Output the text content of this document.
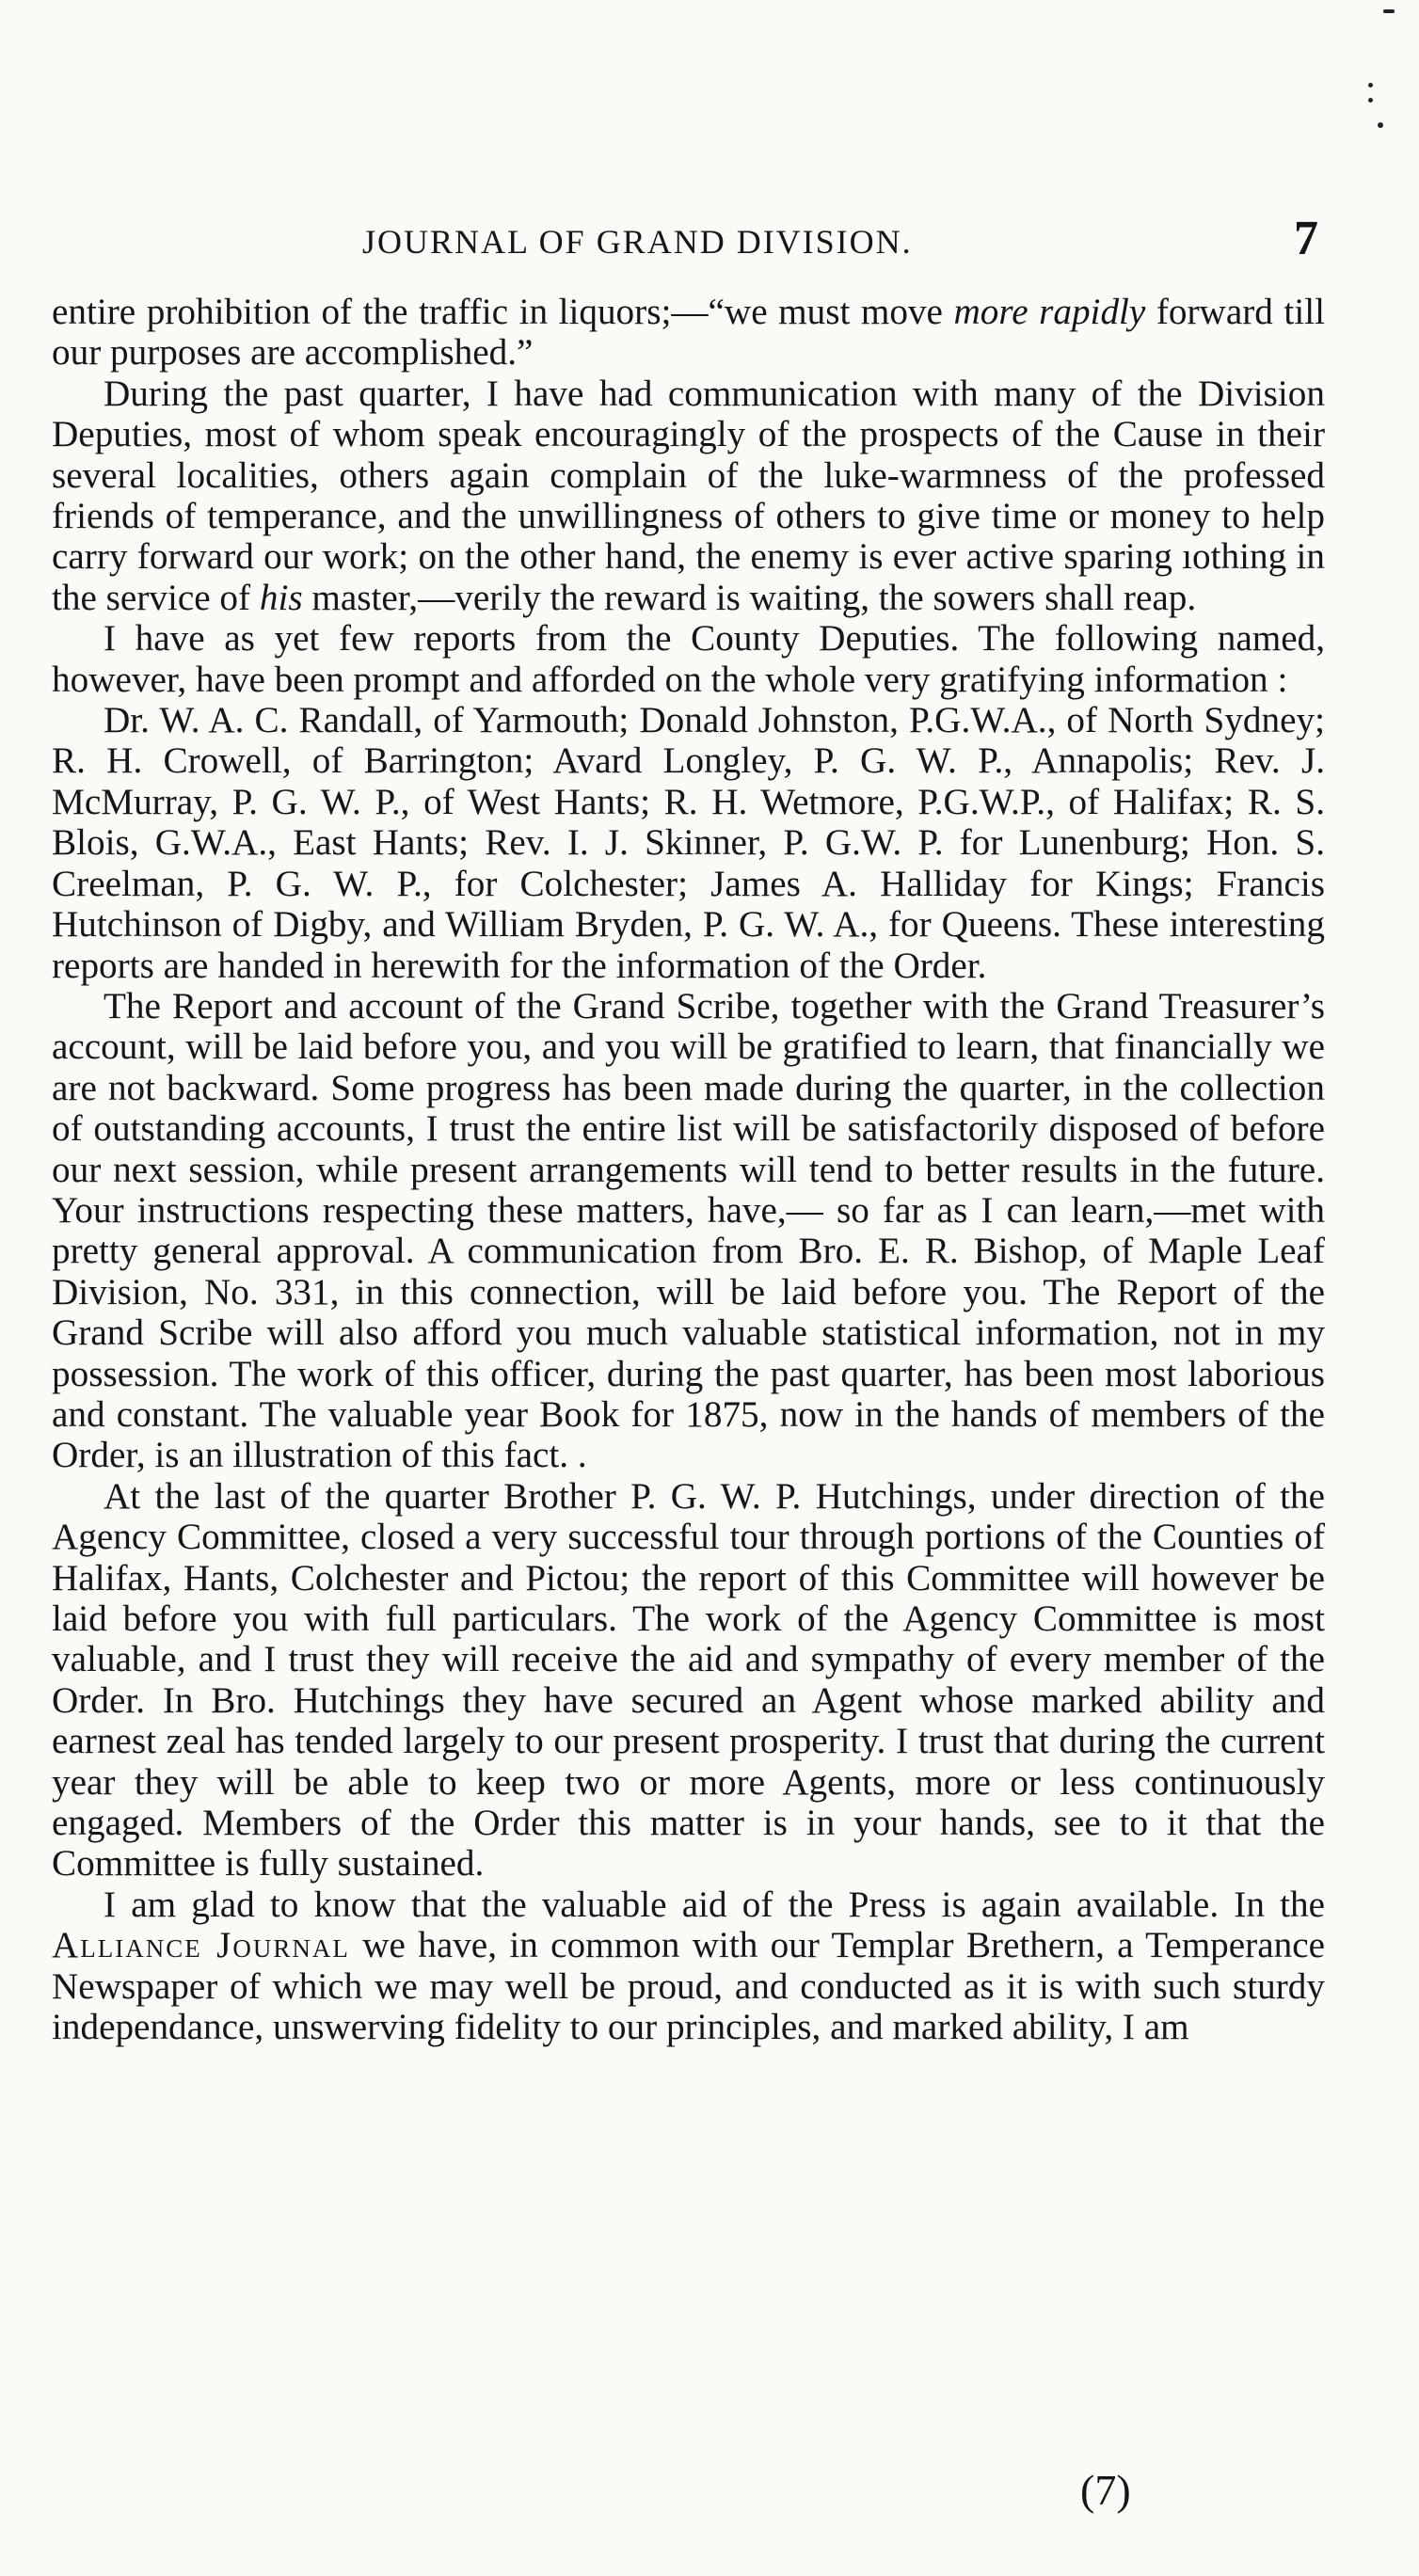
JOURNAL OF GRAND DIVISION.	7

entire prohibition of the traffic in liquors;—“we must move more rapidly forward till our purposes are accomplished.”

During the past quarter, I have had communication with many of the Division Deputies, most of whom speak encouragingly of the prospects of the Cause in their several localities, others again complain of the luke-warmness of the professed friends of temperance, and the unwillingness of others to give time or money to help carry forward our work; on the other hand, the enemy is ever active sparing ıothing in the service of his master,—verily the reward is waiting, the sowers shall reap.

I have as yet few reports from the County Deputies. The following named, however, have been prompt and afforded on the whole very gratifying information :

Dr. W. A. C. Randall, of Yarmouth; Donald Johnston, P.G.W.A., of North Sydney; R. H. Crowell, of Barrington; Avard Longley, P. G. W. P., Annapolis; Rev. J. McMurray, P. G. W. P., of West Hants; R. H. Wetmore, P.G.W.P., of Halifax; R. S. Blois, G.W.A., East Hants; Rev. I. J. Skinner, P. G.W. P. for Lunenburg; Hon. S. Creelman, P. G. W. P., for Colchester; James A. Halliday for Kings; Francis Hutchinson of Digby, and William Bryden, P. G. W. A., for Queens. These interesting reports are handed in herewith for the information of the Order.

The Report and account of the Grand Scribe, together with the Grand Treasurer’s account, will be laid before you, and you will be gratified to learn, that financially we are not backward. Some progress has been made during the quarter, in the collection of outstanding accounts, I trust the entire list will be satisfactorily disposed of before our next session, while present arrangements will tend to better results in the future. Your instructions respecting these matters, have,— so far as I can learn,—met with pretty general approval. A communication from Bro. E. R. Bishop, of Maple Leaf Division, No. 331, in this connection, will be laid before you. The Report of the Grand Scribe will also afford you much valuable statistical information, not in my possession. The work of this officer, during the past quarter, has been most laborious and constant. The valuable year Book for 1875, now in the hands of members of the Order, is an illustration of this fact. .

At the last of the quarter Brother P. G. W. P. Hutchings, under direction of the Agency Committee, closed a very successful tour through portions of the Counties of Halifax, Hants, Colchester and Pictou; the report of this Committee will however be laid before you with full particulars. The work of the Agency Committee is most valuable, and I trust they will receive the aid and sympathy of every member of the Order. In Bro. Hutchings they have secured an Agent whose marked ability and earnest zeal has tended largely to our present prosperity. I trust that during the current year they will be able to keep two or more Agents, more or less continuously engaged. Members of the Order this matter is in your hands, see to it that the Committee is fully sustained.

I am glad to know that the valuable aid of the Press is again available. In the Alliance Journal we have, in common with our Templar Brethern, a Temperance Newspaper of which we may well be proud, and conducted as it is with such sturdy independance, unswerving fidelity to our principles, and marked ability, I am

(7)
